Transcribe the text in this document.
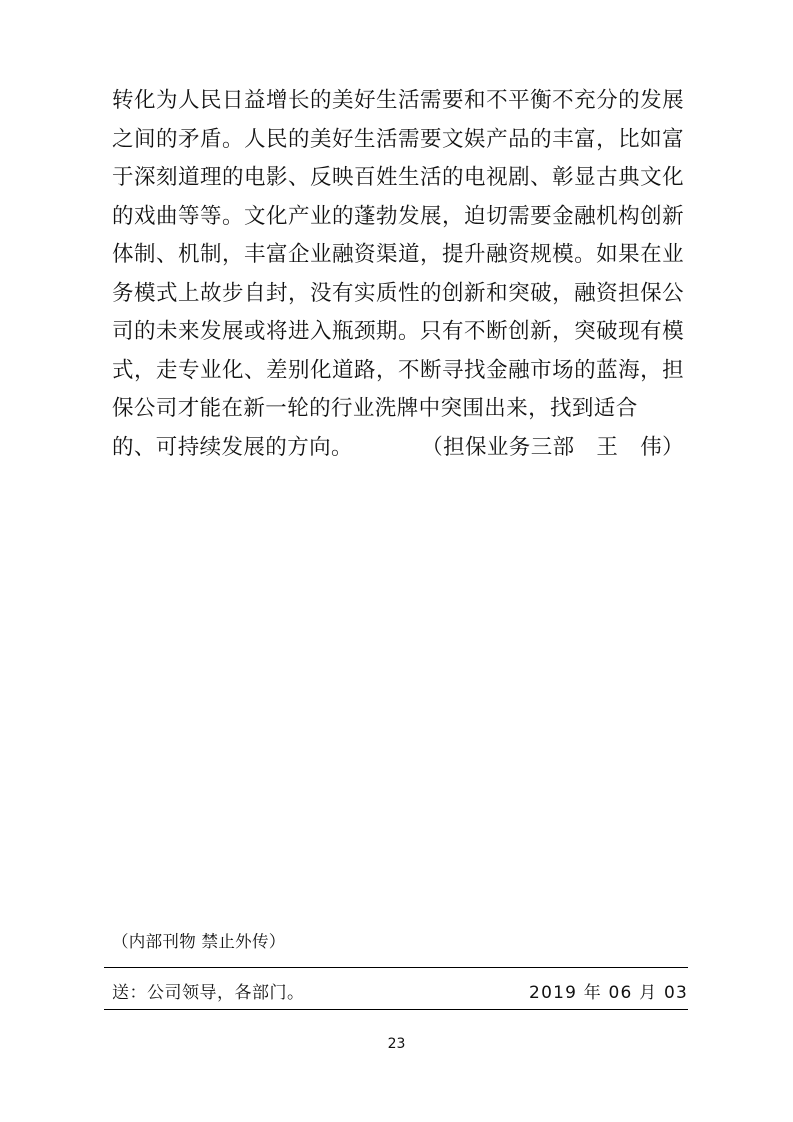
转化为人民日益增长的美好生活需要和不平衡不充分的发展之间的矛盾。人民的美好生活需要文娱产品的丰富，比如富于深刻道理的电影、反映百姓生活的电视剧、彰显古典文化的戏曲等等。文化产业的蓬勃发展，迫切需要金融机构创新体制、机制，丰富企业融资渠道，提升融资规模。如果在业务模式上故步自封，没有实质性的创新和突破，融资担保公司的未来发展或将进入瓶颈期。只有不断创新，突破现有模式，走专业化、差别化道路，不断寻找金融市场的蓝海，担保公司才能在新一轮的行业洗牌中突围出来，找到适合

的、可持续发展的方向。	（担保业务三部　王　伟）

（内部刊物 禁止外传）
送：公司领导，各部门。	2019 年 06 月 03
23
